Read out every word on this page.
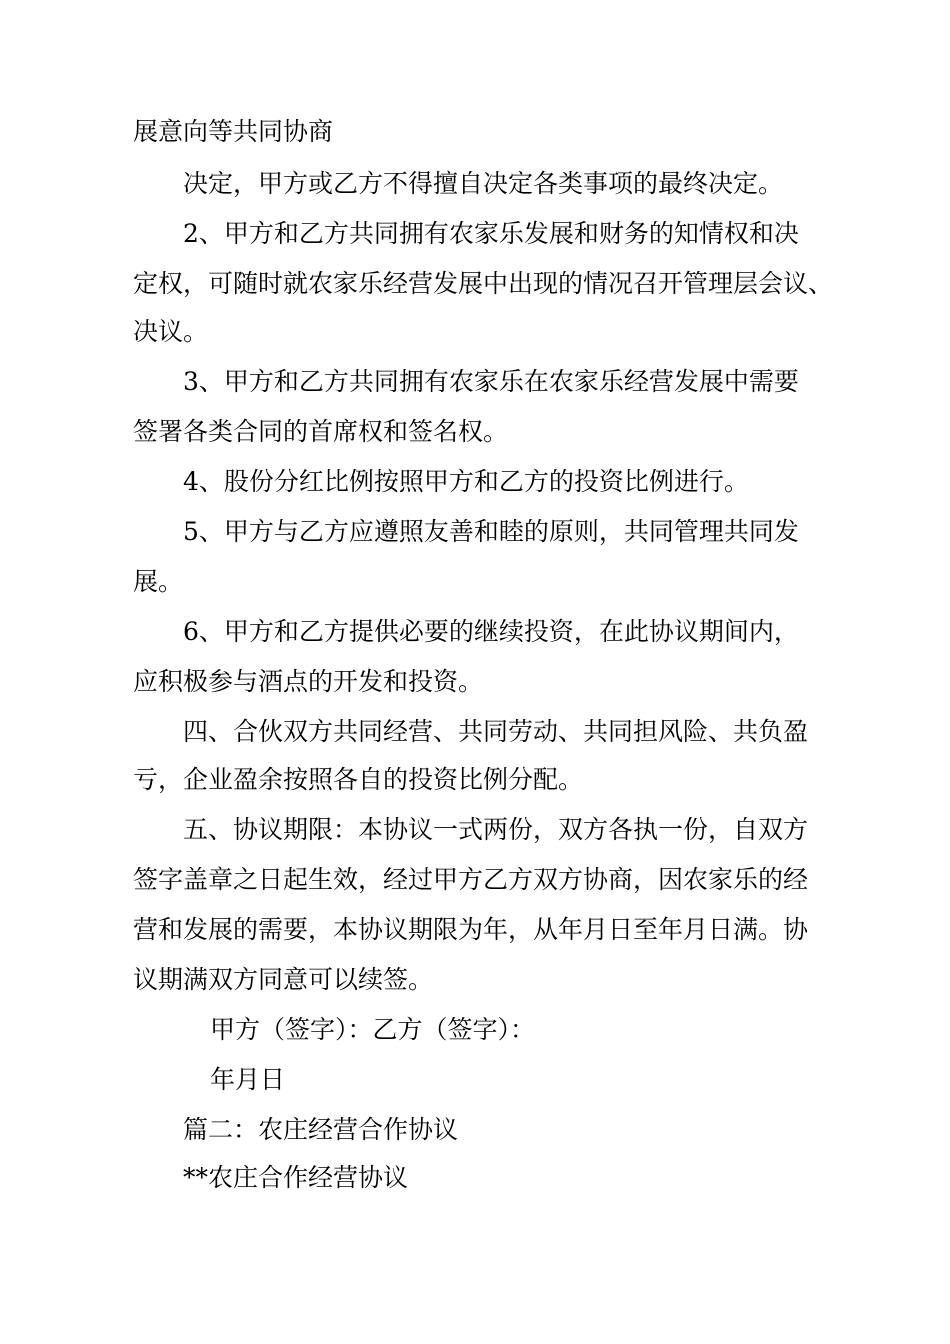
展意向等共同协商
决定，甲方或乙方不得擅自决定各类事项的最终决定。
2、甲方和乙方共同拥有农家乐发展和财务的知情权和决
定权，可随时就农家乐经营发展中出现的情况召开管理层会议、
决议。
3、甲方和乙方共同拥有农家乐在农家乐经营发展中需要
签署各类合同的首席权和签名权。
4、股份分红比例按照甲方和乙方的投资比例进行。
5、甲方与乙方应遵照友善和睦的原则，共同管理共同发
展。
6、甲方和乙方提供必要的继续投资，在此协议期间内，
应积极参与酒点的开发和投资。
四、合伙双方共同经营、共同劳动、共同担风险、共负盈
亏，企业盈余按照各自的投资比例分配。
五、协议期限：本协议一式两份，双方各执一份，自双方
签字盖章之日起生效，经过甲方乙方双方协商，因农家乐的经
营和发展的需要，本协议期限为年，从年月日至年月日满。协
议期满双方同意可以续签。
甲方（签字）：乙方（签字）：
年月日
篇二：农庄经营合作协议
**农庄合作经营协议
